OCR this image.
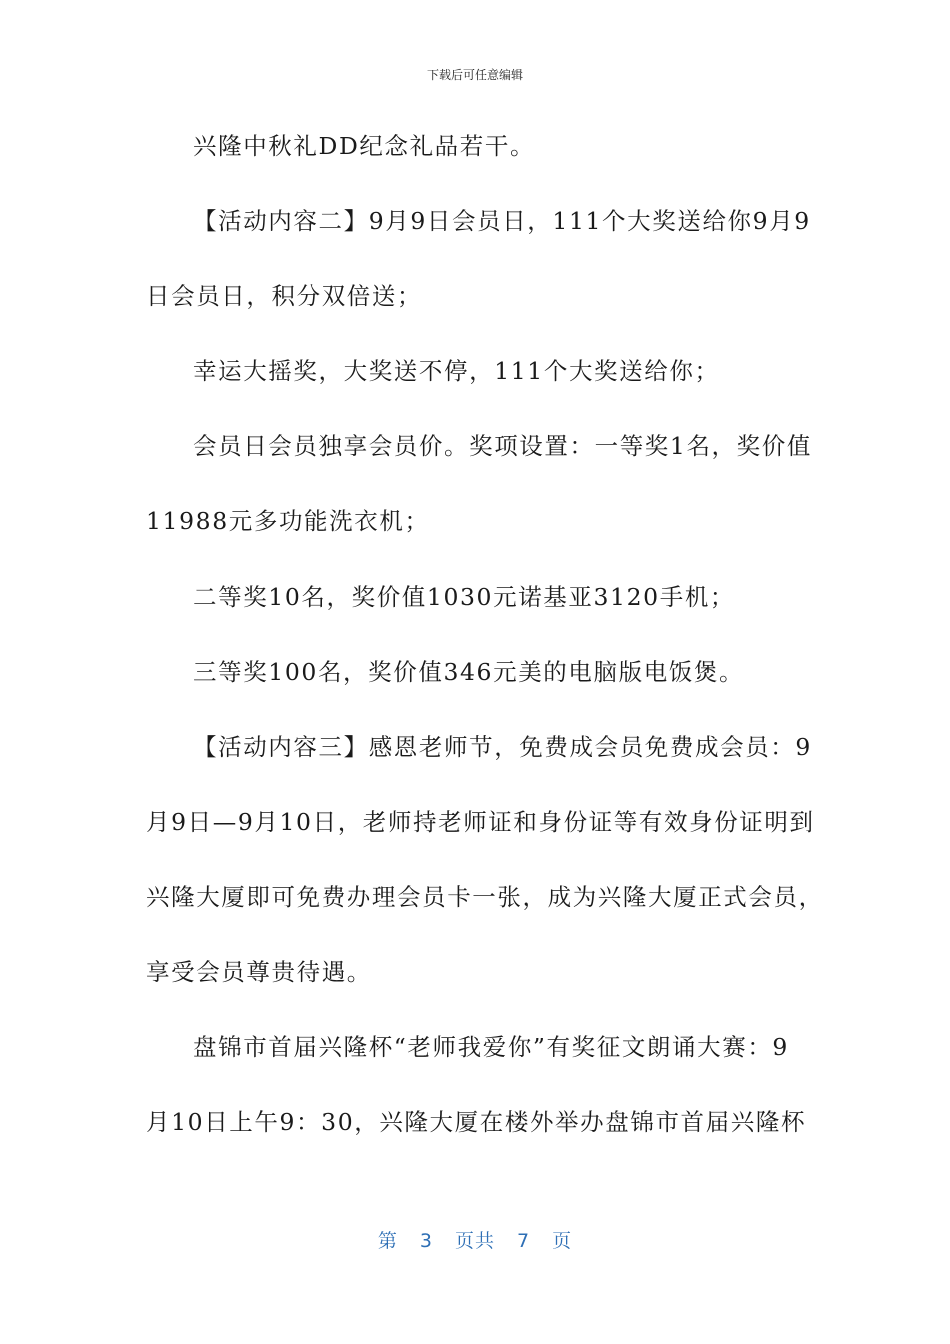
下载后可任意编辑
兴隆中秋礼DD纪念礼品若干。
【活动内容二】9月9日会员日，111个大奖送给你9月9
日会员日，积分双倍送；
幸运大摇奖，大奖送不停，111个大奖送给你；
会员日会员独享会员价。奖项设置：一等奖1名，奖价值
11988元多功能洗衣机；
二等奖10名，奖价值1030元诺基亚3120手机；
三等奖100名，奖价值346元美的电脑版电饭煲。
【活动内容三】感恩老师节，免费成会员免费成会员：9
月9日—9月10日，老师持老师证和身份证等有效身份证明到
兴隆大厦即可免费办理会员卡一张，成为兴隆大厦正式会员，
享受会员尊贵待遇。
盘锦市首届兴隆杯“老师我爱你”有奖征文朗诵大赛：9
月10日上午9：30，兴隆大厦在楼外举办盘锦市首届兴隆杯
第 3 页共 7 页
